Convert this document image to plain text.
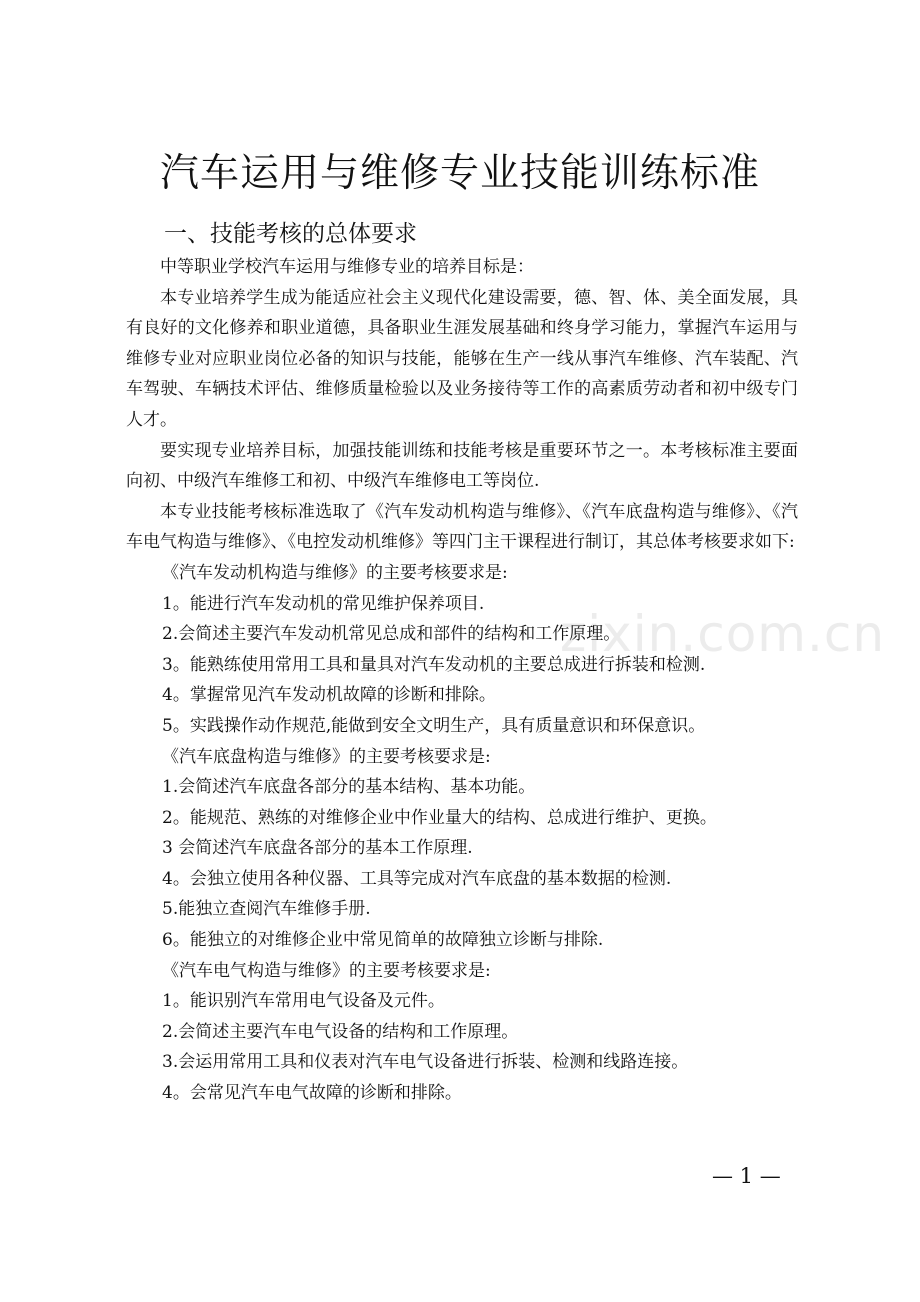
zixin.com.cn
汽车运用与维修专业技能训练标准
一、技能考核的总体要求

中等职业学校汽车运用与维修专业的培养目标是：

本专业培养学生成为能适应社会主义现代化建设需要，德、智、体、美全面发展，具有良好的文化修养和职业道德，具备职业生涯发展基础和终身学习能力，掌握汽车运用与维修专业对应职业岗位必备的知识与技能，能够在生产一线从事汽车维修、汽车装配、汽车驾驶、车辆技术评估、维修质量检验以及业务接待等工作的高素质劳动者和初中级专门人才。

要实现专业培养目标，加强技能训练和技能考核是重要环节之一。本考核标准主要面向初、中级汽车维修工和初、中级汽车维修电工等岗位.

本专业技能考核标准选取了《汽车发动机构造与维修》、《汽车底盘构造与维修》、《汽车电气构造与维修》、《电控发动机维修》等四门主干课程进行制订，其总体考核要求如下:

《汽车发动机构造与维修》的主要考核要求是:

1。能进行汽车发动机的常见维护保养项目.

2.会简述主要汽车发动机常见总成和部件的结构和工作原理。

3。能熟练使用常用工具和量具对汽车发动机的主要总成进行拆装和检测.

4。掌握常见汽车发动机故障的诊断和排除。

5。实践操作动作规范,能做到安全文明生产，具有质量意识和环保意识。

《汽车底盘构造与维修》的主要考核要求是:

1.会简述汽车底盘各部分的基本结构、基本功能。

2。能规范、熟练的对维修企业中作业量大的结构、总成进行维护、更换。

3 会简述汽车底盘各部分的基本工作原理.

4。会独立使用各种仪器、工具等完成对汽车底盘的基本数据的检测.

5.能独立查阅汽车维修手册.

6。能独立的对维修企业中常见简单的故障独立诊断与排除.

《汽车电气构造与维修》的主要考核要求是:

1。能识别汽车常用电气设备及元件。

2.会简述主要汽车电气设备的结构和工作原理。

3.会运用常用工具和仪表对汽车电气设备进行拆装、检测和线路连接。

4。会常见汽车电气故障的诊断和排除。

— 1 —
